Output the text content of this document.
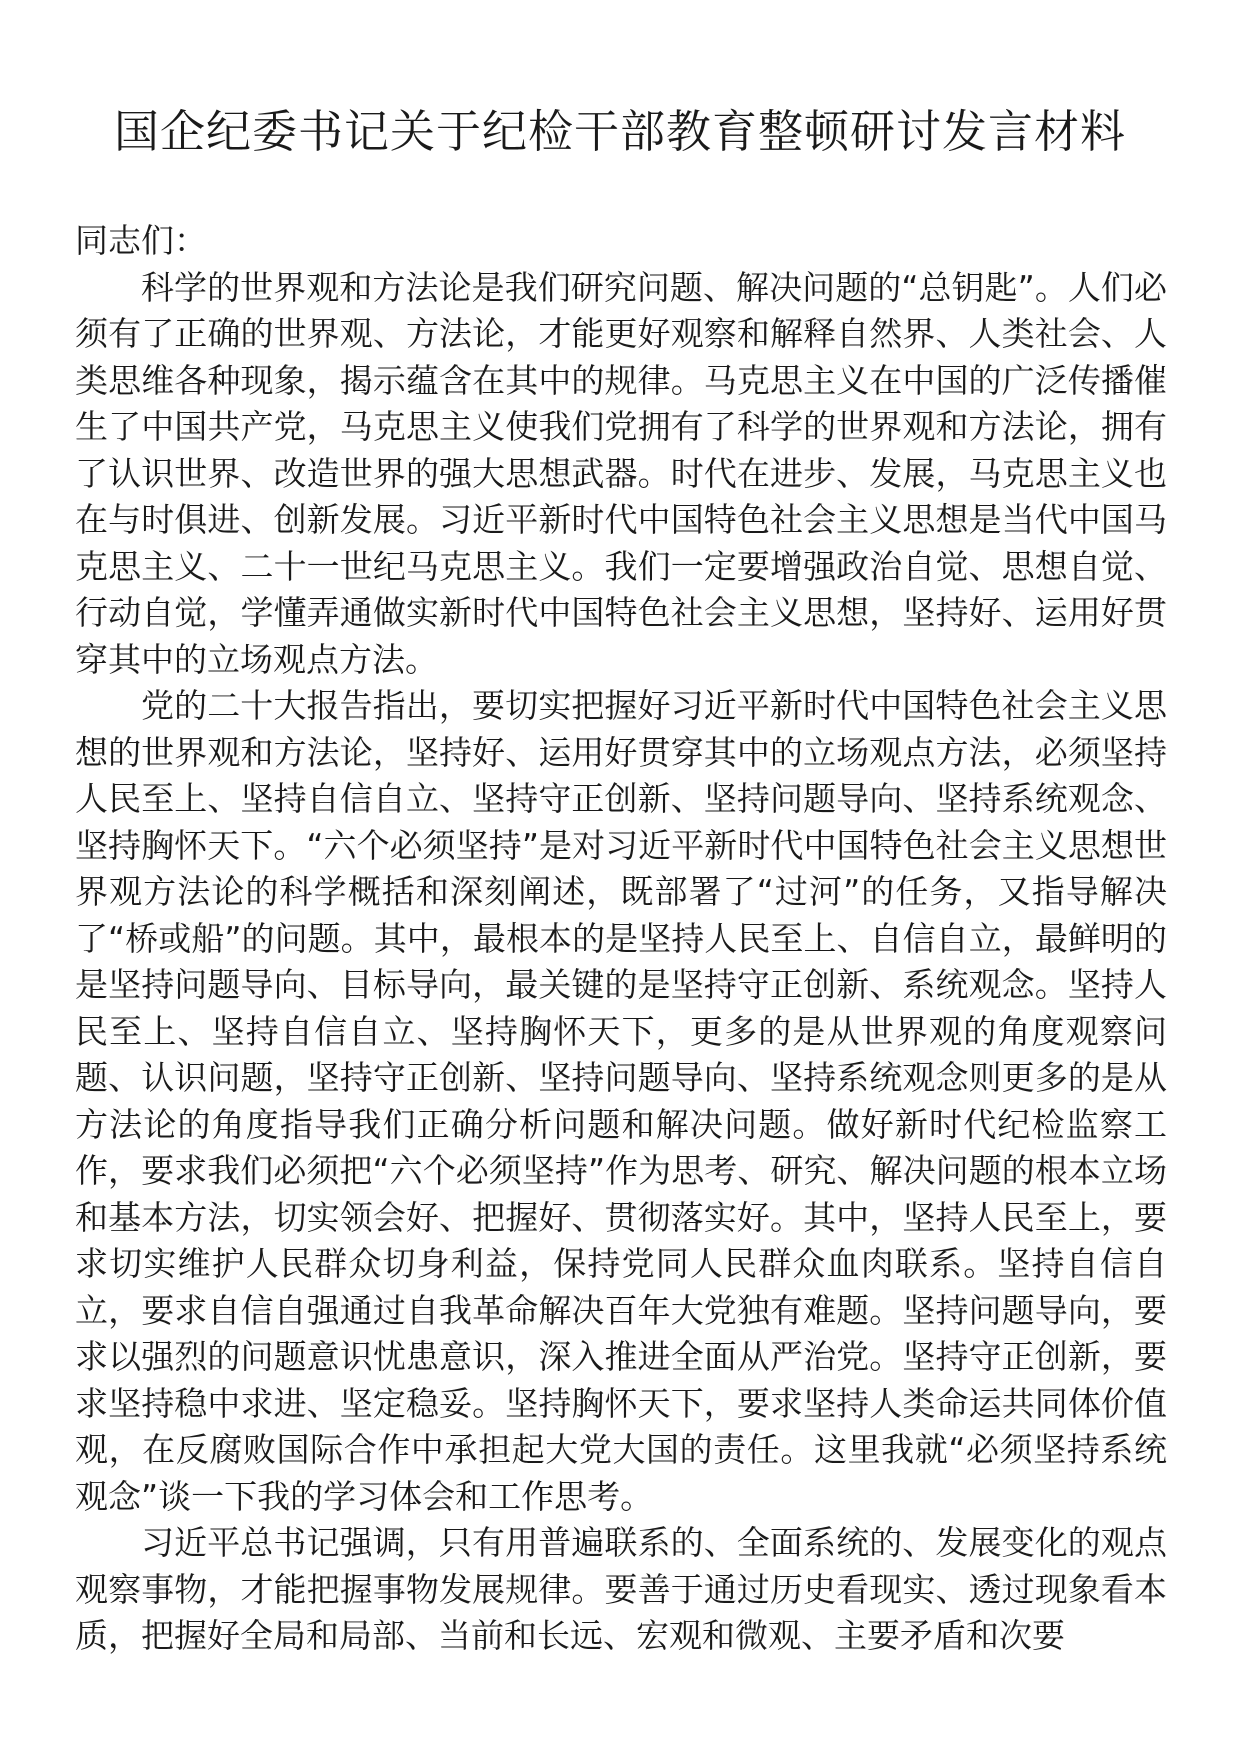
国企纪委书记关于纪检干部教育整顿研讨发言材料

同志们：

科学的世界观和方法论是我们研究问题、解决问题的“总钥匙”。人们必须有了正确的世界观、方法论，才能更好观察和解释自然界、人类社会、人类思维各种现象，揭示蕴含在其中的规律。马克思主义在中国的广泛传播催生了中国共产党，马克思主义使我们党拥有了科学的世界观和方法论，拥有了认识世界、改造世界的强大思想武器。时代在进步、发展，马克思主义也在与时俱进、创新发展。习近平新时代中国特色社会主义思想是当代中国马克思主义、二十一世纪马克思主义。我们一定要增强政治自觉、思想自觉、行动自觉，学懂弄通做实新时代中国特色社会主义思想，坚持好、运用好贯穿其中的立场观点方法。

党的二十大报告指出，要切实把握好习近平新时代中国特色社会主义思想的世界观和方法论，坚持好、运用好贯穿其中的立场观点方法，必须坚持人民至上、坚持自信自立、坚持守正创新、坚持问题导向、坚持系统观念、坚持胸怀天下。“六个必须坚持”是对习近平新时代中国特色社会主义思想世界观方法论的科学概括和深刻阐述，既部署了“过河”的任务，又指导解决了“桥或船”的问题。其中，最根本的是坚持人民至上、自信自立，最鲜明的是坚持问题导向、目标导向，最关键的是坚持守正创新、系统观念。坚持人民至上、坚持自信自立、坚持胸怀天下，更多的是从世界观的角度观察问题、认识问题，坚持守正创新、坚持问题导向、坚持系统观念则更多的是从方法论的角度指导我们正确分析问题和解决问题。做好新时代纪检监察工作，要求我们必须把“六个必须坚持”作为思考、研究、解决问题的根本立场和基本方法，切实领会好、把握好、贯彻落实好。其中，坚持人民至上，要求切实维护人民群众切身利益，保持党同人民群众血肉联系。坚持自信自立，要求自信自强通过自我革命解决百年大党独有难题。坚持问题导向，要求以强烈的问题意识忧患意识，深入推进全面从严治党。坚持守正创新，要求坚持稳中求进、坚定稳妥。坚持胸怀天下，要求坚持人类命运共同体价值观，在反腐败国际合作中承担起大党大国的责任。这里我就“必须坚持系统观念”谈一下我的学习体会和工作思考。

习近平总书记强调，只有用普遍联系的、全面系统的、发展变化的观点观察事物，才能把握事物发展规律。要善于通过历史看现实、透过现象看本质，把握好全局和局部、当前和长远、宏观和微观、主要矛盾和次要
